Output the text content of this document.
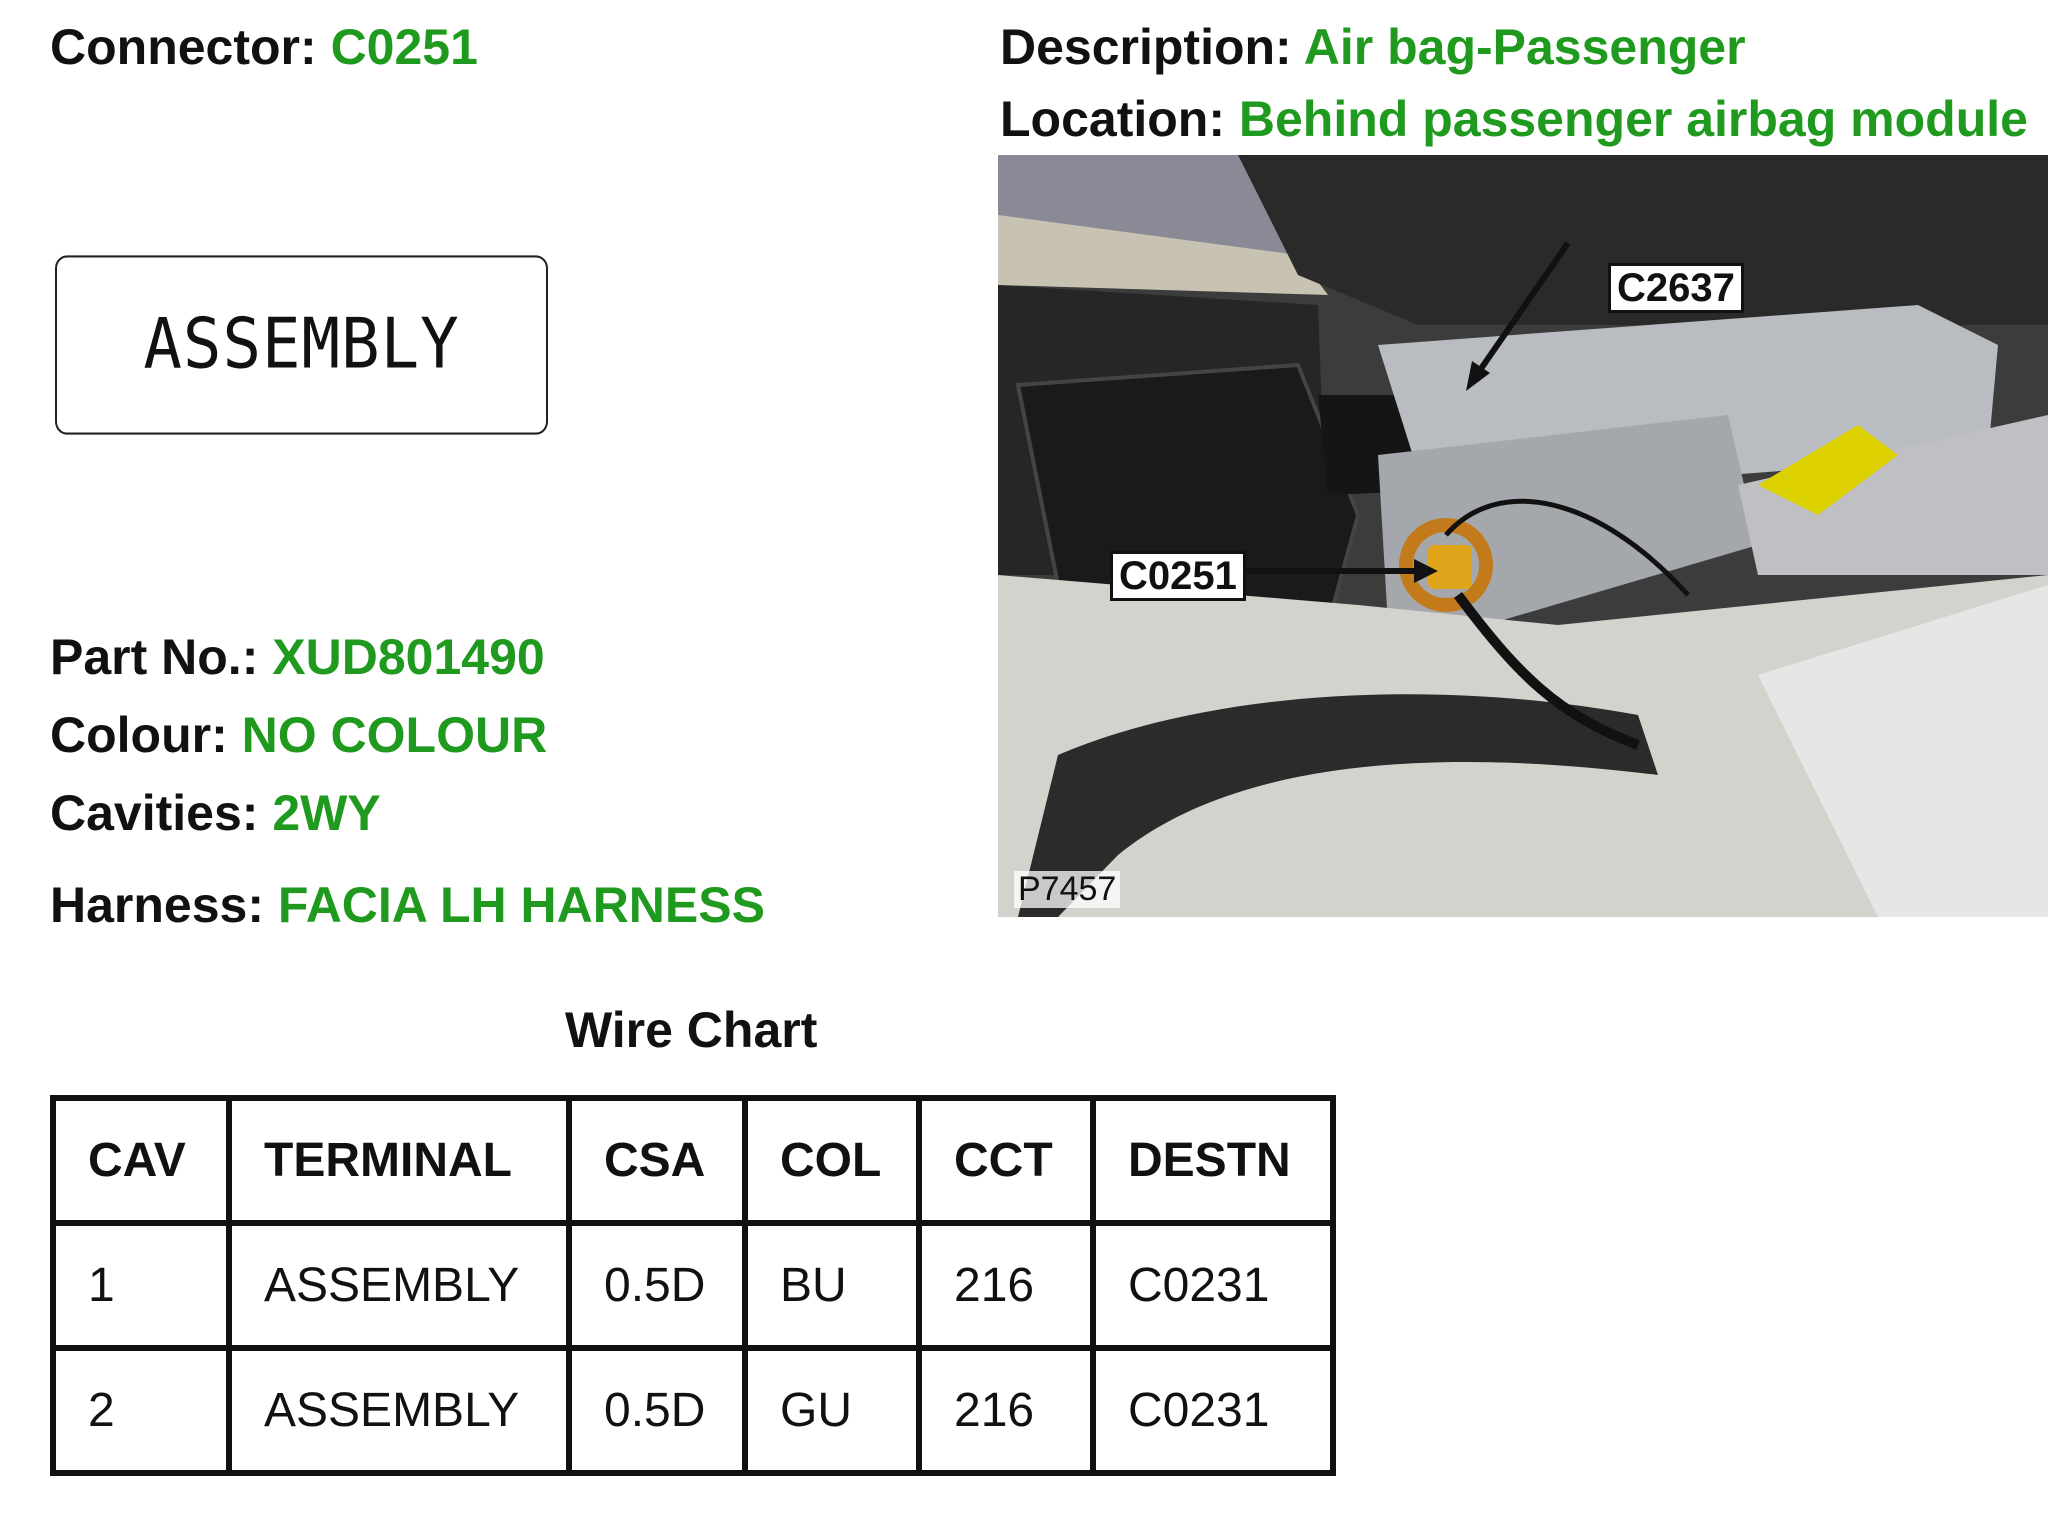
Connector: C0251	Description: Air bag-Passenger
Location: Behind passenger airbag module
ASSEMBLY
C2637
C0251
P7457
Part No.: XUD801490
Colour: NO COLOUR
Cavities: 2WY
Harness: FACIA LH HARNESS
Wire Chart
CAV	TERMINAL	CSA	COL	CCT	DESTN
1	ASSEMBLY	0.5D	BU	216	C0231
2	ASSEMBLY	0.5D	GU	216	C0231
